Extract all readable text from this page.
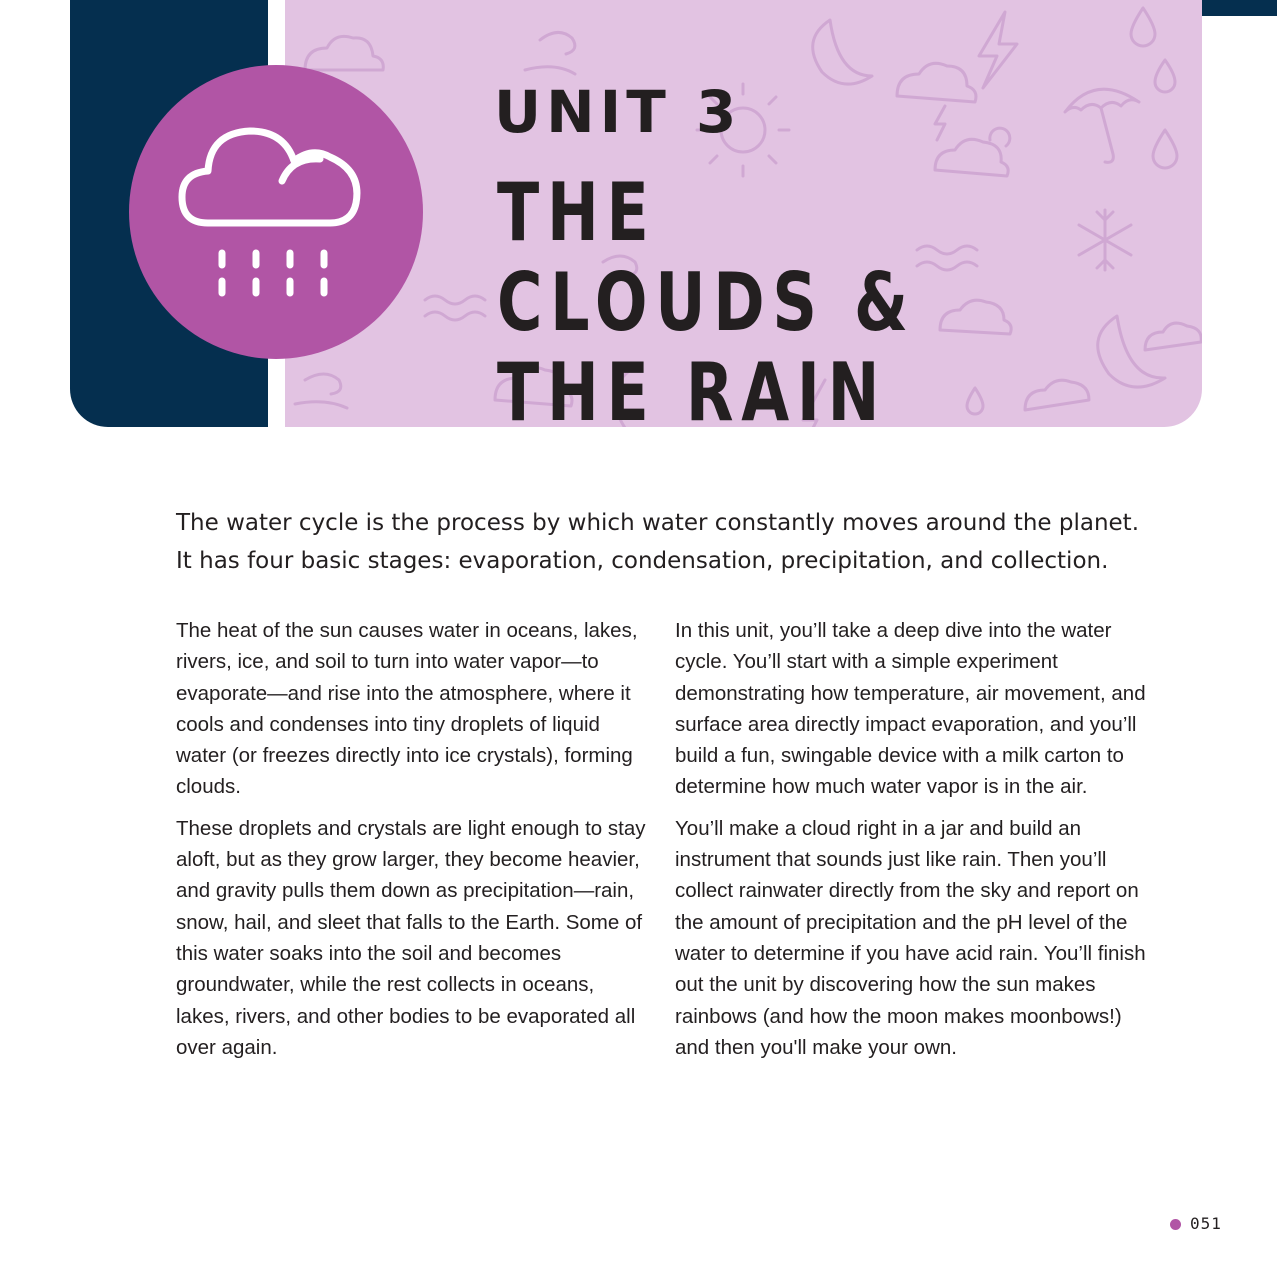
UNIT 3
THE CLOUDS &
THE RAIN

The water cycle is the process by which water constantly moves around the planet. It has four basic stages: evaporation, condensation, precipitation, and collection.

The heat of the sun causes water in oceans, lakes, rivers, ice, and soil to turn into water vapor—to evaporate—and rise into the atmosphere, where it cools and condenses into tiny droplets of liquid water (or freezes directly into ice crystals), forming clouds.

These droplets and crystals are light enough to stay aloft, but as they grow larger, they become heavier, and gravity pulls them down as precipitation—rain, snow, hail, and sleet that falls to the Earth. Some of this water soaks into the soil and becomes groundwater, while the rest collects in oceans, lakes, rivers, and other bodies to be evaporated all over again.

In this unit, you’ll take a deep dive into the water cycle. You’ll start with a simple experiment demonstrating how temperature, air movement, and surface area directly impact evaporation, and you’ll build a fun, swingable device with a milk carton to determine how much water vapor is in the air.

You’ll make a cloud right in a jar and build an instrument that sounds just like rain. Then you’ll collect rainwater directly from the sky and report on the amount of precipitation and the pH level of the water to determine if you have acid rain. You’ll finish out the unit by discovering how the sun makes rainbows (and how the moon makes moonbows!) and then you'll make your own.

051
